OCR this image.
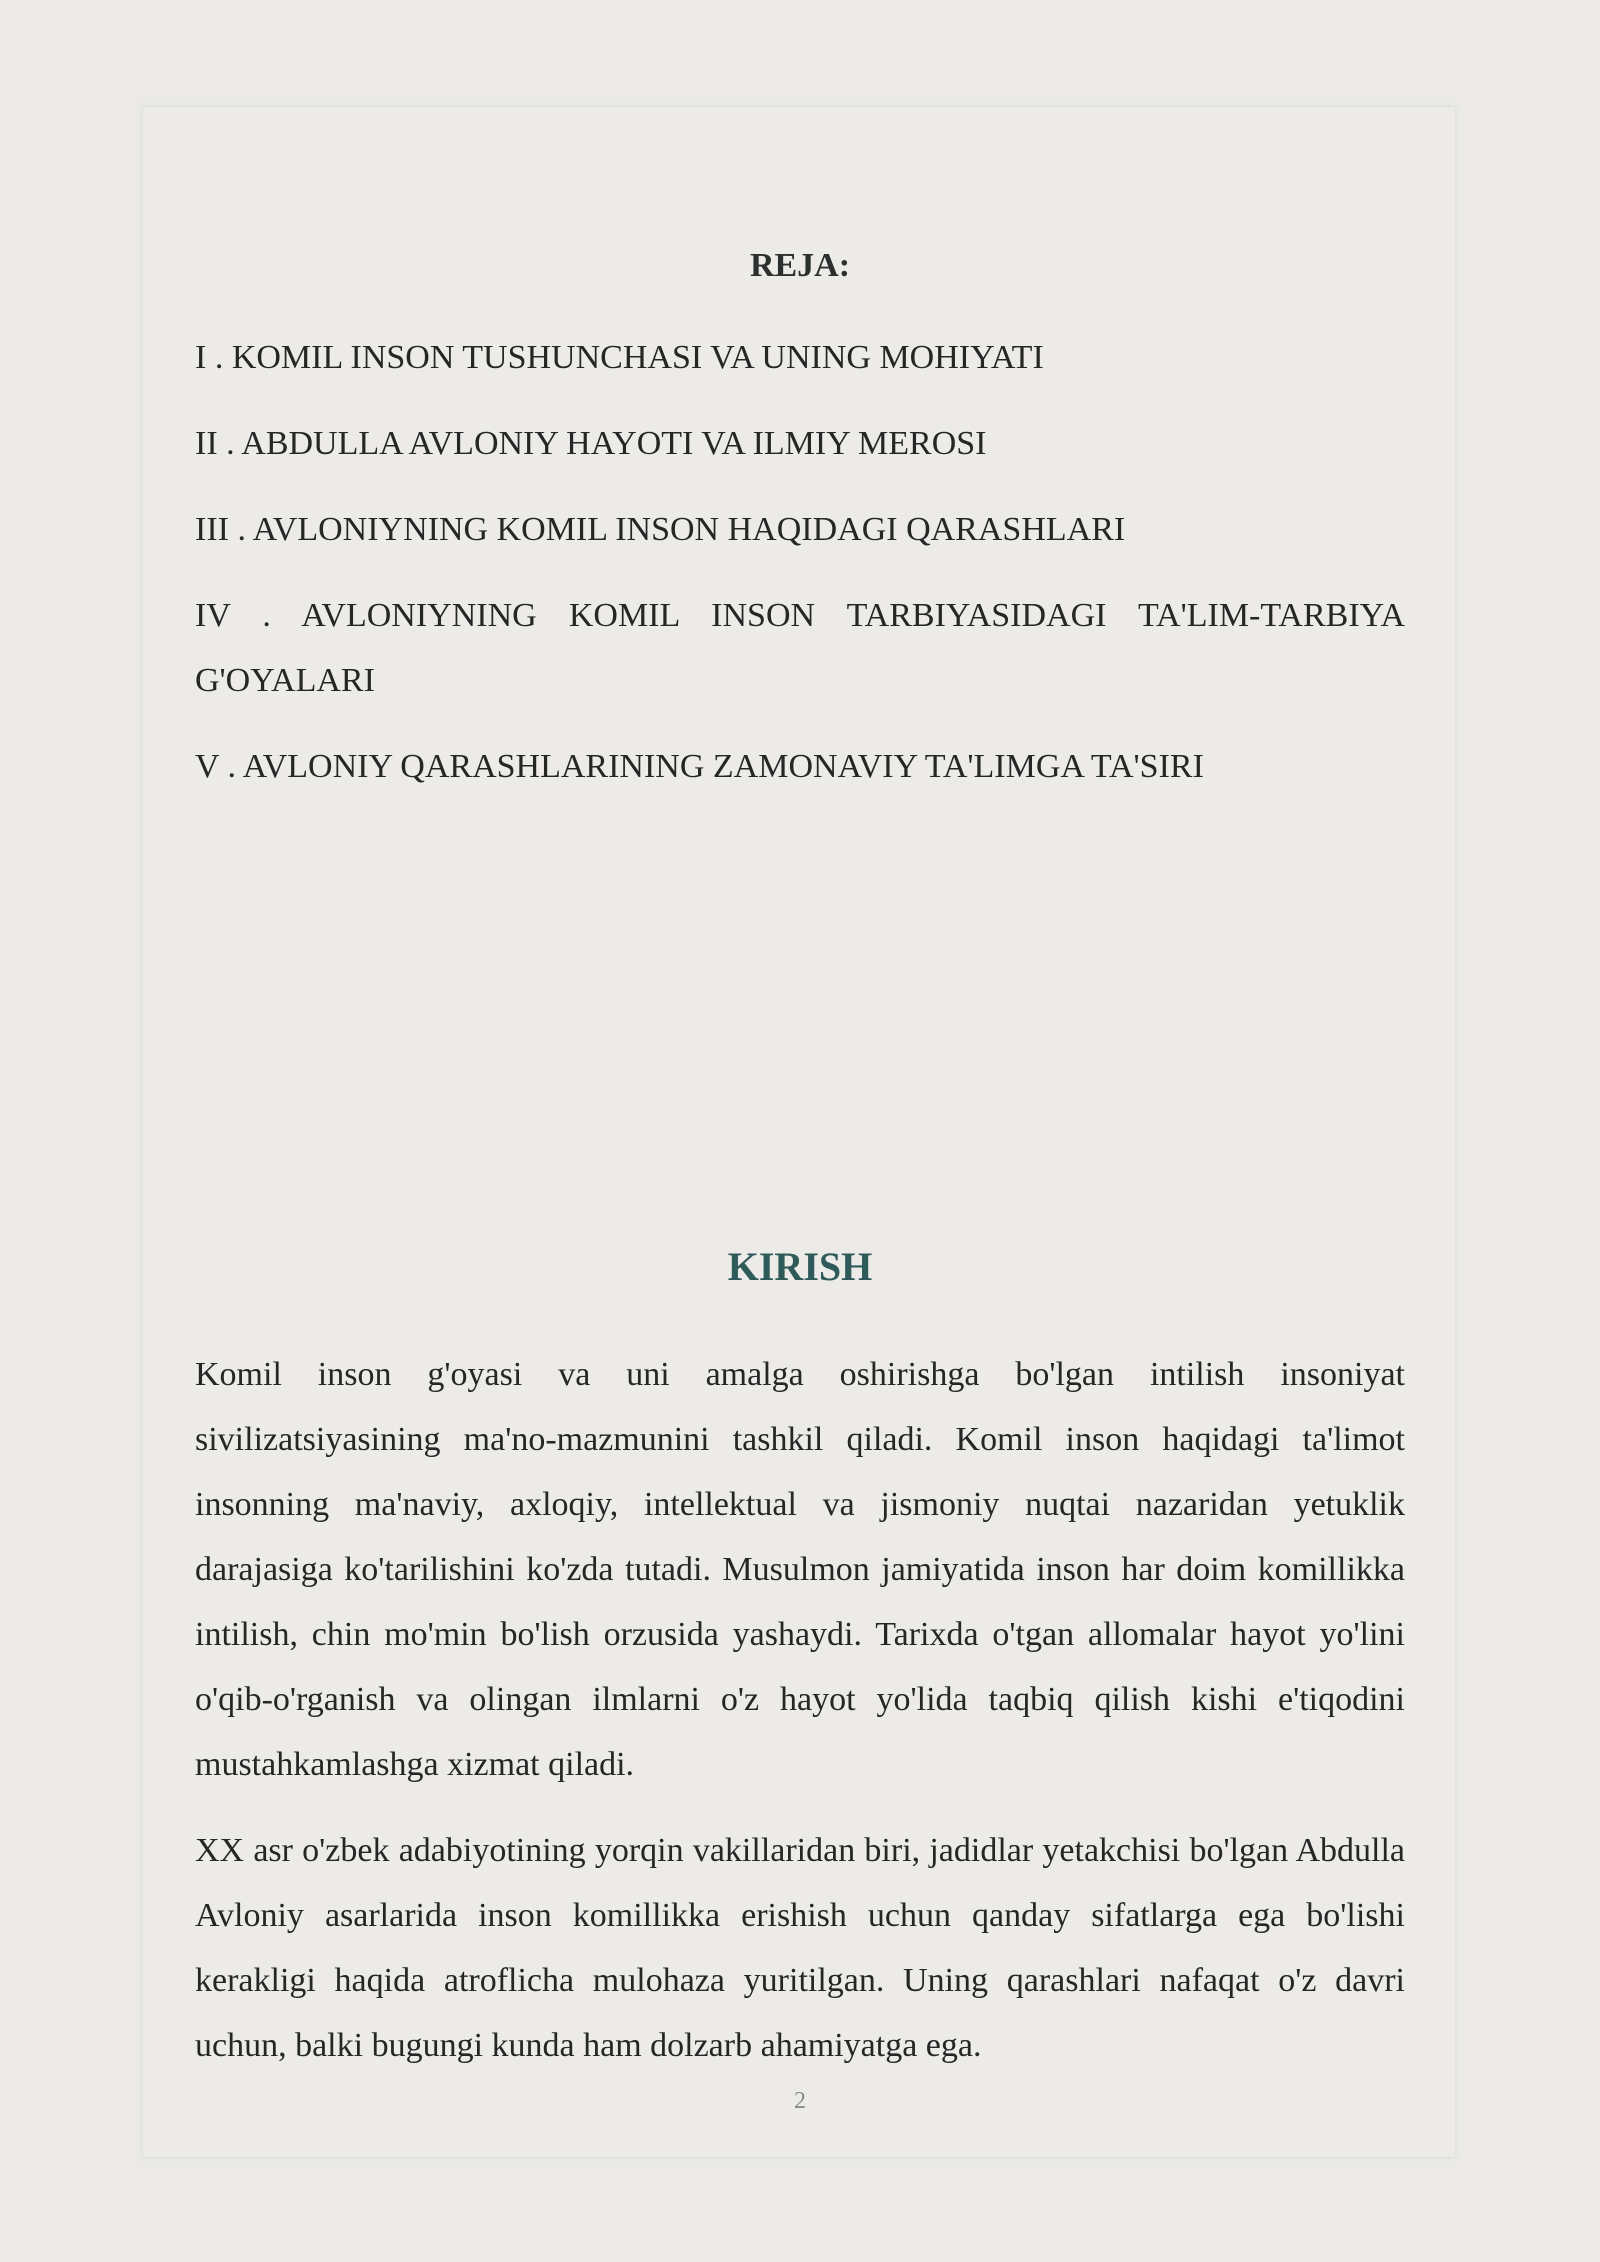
REJA:
I . KOMIL INSON TUSHUNCHASI VA UNING MOHIYATI
II . ABDULLA AVLONIY HAYOTI VA ILMIY MEROSI
III . AVLONIYNING KOMIL INSON HAQIDAGI QARASHLARI
IV . AVLONIYNING KOMIL INSON TARBIYASIDAGI TA'LIM-TARBIYA G'OYALARI
V . AVLONIY QARASHLARINING ZAMONAVIY TA'LIMGA TA'SIRI
KIRISH

Komil inson g'oyasi va uni amalga oshirishga bo'lgan intilish insoniyat sivilizatsiyasining ma'no-mazmunini tashkil qiladi. Komil inson haqidagi ta'limot insonning ma'naviy, axloqiy, intellektual va jismoniy nuqtai nazaridan yetuklik darajasiga ko'tarilishini ko'zda tutadi. Musulmon jamiyatida inson har doim komillikka intilish, chin mo'min bo'lish orzusida yashaydi. Tarixda o'tgan allomalar hayot yo'lini o'qib-o'rganish va olingan ilmlarni o'z hayot yo'lida taqbiq qilish kishi e'tiqodini mustahkamlashga xizmat qiladi.

XX asr o'zbek adabiyotining yorqin vakillaridan biri, jadidlar yetakchisi bo'lgan Abdulla Avloniy asarlarida inson komillikka erishish uchun qanday sifatlarga ega bo'lishi kerakligi haqida atroflicha mulohaza yuritilgan. Uning qarashlari nafaqat o'z davri uchun, balki bugungi kunda ham dolzarb ahamiyatga ega.

2
